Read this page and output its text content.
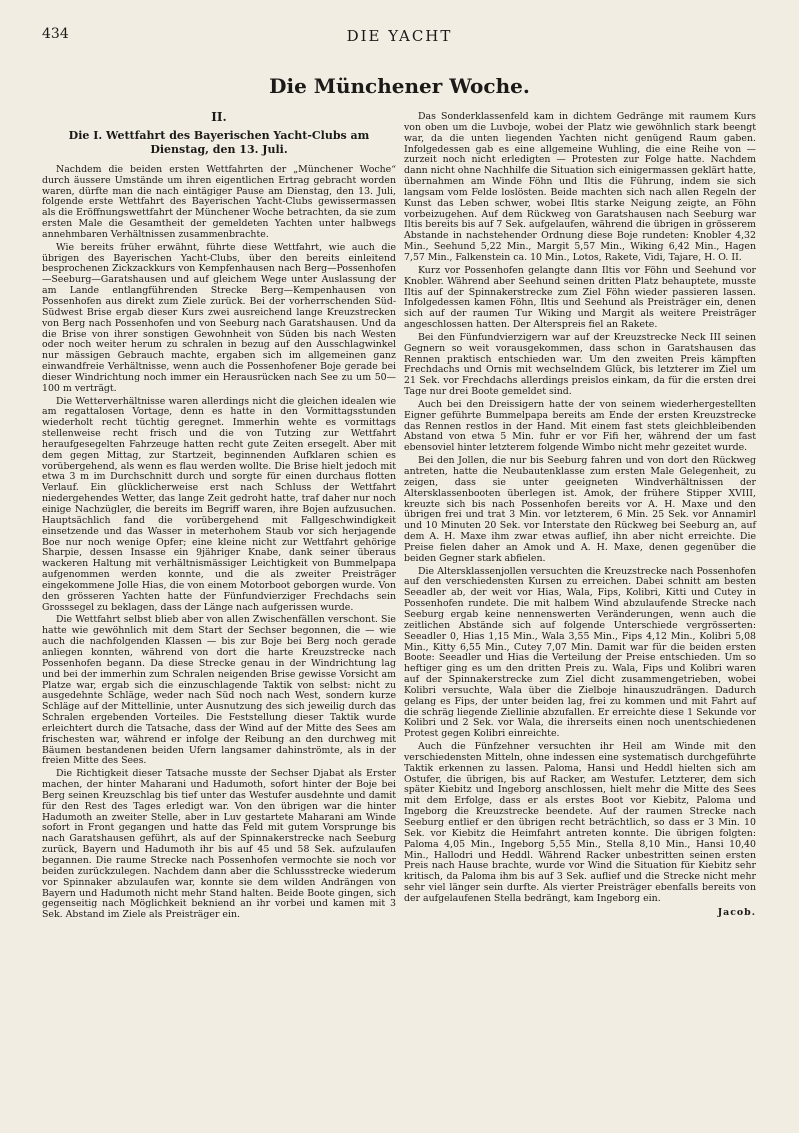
434	DIE YACHT
Die Münchener Woche.
II.
Die I. Wettfahrt des Bayerischen Yacht-Clubs am
Dienstag, den 13. Juli.

Nachdem die beiden ersten Wettfahrten der „Münchener Woche“ durch äussere Umstände um ihren eigentlichen Ertrag gebracht worden waren, dürfte man die nach eintägiger Pause am Dienstag, den 13. Juli, folgende erste Wettfahrt des Bayerischen Yacht-Clubs gewissermassen als die Eröffnungswettfahrt der Münchener Woche betrachten, da sie zum ersten Male die Gesamtheit der gemeldeten Yachten unter halbwegs annehmbaren Verhältnissen zusammenbrachte.

Wie bereits früher erwähnt, führte diese Wettfahrt, wie auch die übrigen des Bayerischen Yacht-Clubs, über den bereits einleitend besprochenen Zickzackkurs von Kempfenhausen nach Berg—Possenhofen—Seeburg—Garatshausen und auf gleichem Wege unter Auslassung der am Lande entlangführenden Strecke Berg—Kempenhausen von Possenhofen aus direkt zum Ziele zurück. Bei der vorherrschenden Süd-Südwest Brise ergab dieser Kurs zwei ausreichend lange Kreuzstrecken von Berg nach Possenhofen und von Seeburg nach Garatshausen. Und da die Brise von ihrer sonstigen Gewohnheit von Süden bis nach Westen oder noch weiter herum zu schralen in bezug auf den Ausschlagwinkel nur mässigen Gebrauch machte, ergaben sich im allgemeinen ganz einwandfreie Verhältnisse, wenn auch die Possenhofener Boje gerade bei dieser Windrichtung noch immer ein Herausrücken nach See zu um 50—100 m verträgt.

Die Wetterverhältnisse waren allerdings nicht die gleichen idealen wie am regattalosen Vortage, denn es hatte in den Vormittagsstunden wiederholt recht tüchtig geregnet. Immerhin wehte es vormittags stellenweise recht frisch und die von Tutzing zur Wettfahrt heraufgesegelten Fahrzeuge hatten recht gute Zeiten ersegelt. Aber mit dem gegen Mittag, zur Startzeit, beginnenden Aufklaren schien es vorübergehend, als wenn es flau werden wollte. Die Brise hielt jedoch mit etwa 3 m im Durchschnitt durch und sorgte für einen durchaus flotten Verlauf. Ein glücklicherweise erst nach Schluss der Wettfahrt niedergehendes Wetter, das lange Zeit gedroht hatte, traf daher nur noch einige Nachzügler, die bereits im Begriff waren, ihre Bojen aufzusuchen. Hauptsächlich fand die vorübergehend mit Fallgeschwindigkeit einsetzende und das Wasser in meterhohem Staub vor sich herjagende Boe nur noch wenige Opfer; eine kleine nicht zur Wettfahrt gehörige Sharpie, dessen Insasse ein 9jähriger Knabe, dank seiner überaus wackeren Haltung mit verhältnismässiger Leichtigkeit von Bummelpapa aufgenommen werden konnte, und die als zweiter Preisträger eingekommene Jolle Hias, die von einem Motorboot geborgen wurde. Von den grösseren Yachten hatte der Fünfundvierziger Frechdachs sein Grosssegel zu beklagen, dass der Länge nach aufgerissen wurde.

Die Wettfahrt selbst blieb aber von allen Zwischenfällen verschont. Sie hatte wie gewöhnlich mit dem Start der Sechser begonnen, die — wie auch die nachfolgenden Klassen — bis zur Boje bei Berg noch gerade anliegen konnten, während von dort die harte Kreuzstrecke nach Possenhofen begann. Da diese Strecke genau in der Windrichtung lag und bei der immerhin zum Schralen neigenden Brise gewisse Vorsicht am Platze war, ergab sich die einzuschlagende Taktik von selbst: nicht zu ausgedehnte Schläge, weder nach Süd noch nach West, sondern kurze Schläge auf der Mittellinie, unter Ausnutzung des sich jeweilig durch das Schralen ergebenden Vorteiles. Die Feststellung dieser Taktik wurde erleichtert durch die Tatsache, dass der Wind auf der Mitte des Sees am frischesten war, während er infolge der Reibung an den durchweg mit Bäumen bestandenen beiden Ufern langsamer dahinströmte, als in der freien Mitte des Sees.

Die Richtigkeit dieser Tatsache musste der Sechser Djabat als Erster machen, der hinter Maharani und Hadumoth, sofort hinter der Boje bei Berg seinen Kreuzschlag bis tief unter das Westufer ausdehnte und damit für den Rest des Tages erledigt war. Von den übrigen war die hinter Hadumoth an zweiter Stelle, aber in Luv gestartete Maharani am Winde sofort in Front gegangen und hatte das Feld mit gutem Vorsprunge bis nach Garatshausen geführt, als auf der Spinnakerstrecke nach Seeburg zurück, Bayern und Hadumoth ihr bis auf 45 und 58 Sek. aufzulaufen begannen. Die raume Strecke nach Possenhofen vermochte sie noch vor beiden zurückzulegen. Nachdem dann aber die Schlussstrecke wiederum vor Spinnaker abzulaufen war, konnte sie dem wilden Andrängen von Bayern und Hadumoth nicht mehr Stand halten. Beide Boote gingen, sich gegenseitig nach Möglichkeit bekniend an ihr vorbei und kamen mit 3 Sek. Abstand im Ziele als Preisträger ein.

Das Sonderklassenfeld kam in dichtem Gedränge mit raumem Kurs von oben um die Luvboje, wobei der Platz wie gewöhnlich stark beengt war, da die unten liegenden Yachten nicht genügend Raum gaben. Infolgedessen gab es eine allgemeine Wuhling, die eine Reihe von — zurzeit noch nicht erledigten — Protesten zur Folge hatte. Nachdem dann nicht ohne Nachhilfe die Situation sich einigermassen geklärt hatte, übernahmen am Winde Föhn und Iltis die Führung, indem sie sich langsam vom Felde loslösten. Beide machten sich nach allen Regeln der Kunst das Leben schwer, wobei Iltis starke Neigung zeigte, an Föhn vorbeizugehen. Auf dem Rückweg von Garatshausen nach Seeburg war Iltis bereits bis auf 7 Sek. aufgelaufen, während die übrigen in grösserem Abstande in nachstehender Ordnung diese Boje rundeten: Knobler 4,32 Min., Seehund 5,22 Min., Margit 5,57 Min., Wiking 6,42 Min., Hagen 7,57 Min., Falkenstein ca. 10 Min., Lotos, Rakete, Vidi, Tajare, H. O. II.

Kurz vor Possenhofen gelangte dann Iltis vor Föhn und Seehund vor Knobler. Während aber Seehund seinen dritten Platz behauptete, musste Iltis auf der Spinnakerstrecke zum Ziel Föhn wieder passieren lassen. Infolgedessen kamen Föhn, Iltis und Seehund als Preisträger ein, denen sich auf der raumen Tur Wiking und Margit als weitere Preisträger angeschlossen hatten. Der Alterspreis fiel an Rakete.

Bei den Fünfundvierzigern war auf der Kreuzstrecke Neck III seinen Gegnern so weit vorausgekommen, dass schon in Garatshausen das Rennen praktisch entschieden war. Um den zweiten Preis kämpften Frechdachs und Ornis mit wechselndem Glück, bis letzterer im Ziel um 21 Sek. vor Frechdachs allerdings preislos einkam, da für die ersten drei Tage nur drei Boote gemeldet sind.

Auch bei den Dreissigern hatte der von seinem wiederhergestellten Eigner geführte Bummelpapa bereits am Ende der ersten Kreuzstrecke das Rennen restlos in der Hand. Mit einem fast stets gleichbleibenden Abstand von etwa 5 Min. fuhr er vor Fifi her, während der um fast ebensoviel hinter letzterem folgende Wimbo nicht mehr gezeitet wurde.

Bei den Jollen, die nur bis Seeburg fahren und von dort den Rückweg antreten, hatte die Neubautenklasse zum ersten Male Gelegenheit, zu zeigen, dass sie unter geeigneten Windverhältnissen der Altersklassenbooten überlegen ist. Amok, der frühere Stipper XVIII, kreuzte sich bis nach Possenhofen bereits vor A. H. Maxe und den übrigen frei und trat 3 Min. vor letzterem, 6 Min. 25 Sek. vor Annamirl und 10 Minuten 20 Sek. vor Interstate den Rückweg bei Seeburg an, auf dem A. H. Maxe ihm zwar etwas auflief, ihn aber nicht erreichte. Die Preise fielen daher an Amok und A. H. Maxe, denen gegenüber die beiden Gegner stark abfielen.

Die Altersklassenjollen versuchten die Kreuzstrecke nach Possenhofen auf den verschiedensten Kursen zu erreichen. Dabei schnitt am besten Seeadler ab, der weit vor Hias, Wala, Fips, Kolibri, Kitti und Cutey in Possenhofen rundete. Die mit halbem Wind abzulaufende Strecke nach Seeburg ergab keine nennenswerten Veränderungen, wenn auch die zeitlichen Abstände sich auf folgende Unterschiede vergrösserten: Seeadler 0, Hias 1,15 Min., Wala 3,55 Min., Fips 4,12 Min., Kolibri 5,08 Min., Kitty 6,55 Min., Cutey 7,07 Min. Damit war für die beiden ersten Boote: Seeadler und Hias die Verteilung der Preise entschieden. Um so heftiger ging es um den dritten Preis zu. Wala, Fips und Kolibri waren auf der Spinnakerstrecke zum Ziel dicht zusammengetrieben, wobei Kolibri versuchte, Wala über die Zielboje hinauszudrängen. Dadurch gelang es Fips, der unter beiden lag, frei zu kommen und mit Fahrt auf die schräg liegende Ziellinie abzufallen. Er erreichte diese 1 Sekunde vor Kolibri und 2 Sek. vor Wala, die ihrerseits einen noch unentschiedenen Protest gegen Kolibri einreichte.

Auch die Fünfzehner versuchten ihr Heil am Winde mit den verschiedensten Mitteln, ohne indessen eine systematisch durchgeführte Taktik erkennen zu lassen. Paloma, Hansi und Heddl hielten sich am Ostufer, die übrigen, bis auf Racker, am Westufer. Letzterer, dem sich später Kiebitz und Ingeborg anschlossen, hielt mehr die Mitte des Sees mit dem Erfolge, dass er als erstes Boot vor Kiebitz, Paloma und Ingeborg die Kreuzstrecke beendete. Auf der raumen Strecke nach Seeburg entlief er den übrigen recht beträchtlich, so dass er 3 Min. 10 Sek. vor Kiebitz die Heimfahrt antreten konnte. Die übrigen folgten: Paloma 4,05 Min., Ingeborg 5,55 Min., Stella 8,10 Min., Hansi 10,40 Min., Hallodri und Heddl. Während Racker unbestritten seinen ersten Preis nach Hause brachte, wurde vor Wind die Situation für Kiebitz sehr kritisch, da Paloma ihm bis auf 3 Sek. auflief und die Strecke nicht mehr sehr viel länger sein durfte. Als vierter Preisträger ebenfalls bereits von der aufgelaufenen Stella bedrängt, kam Ingeborg ein.

Jacob.
